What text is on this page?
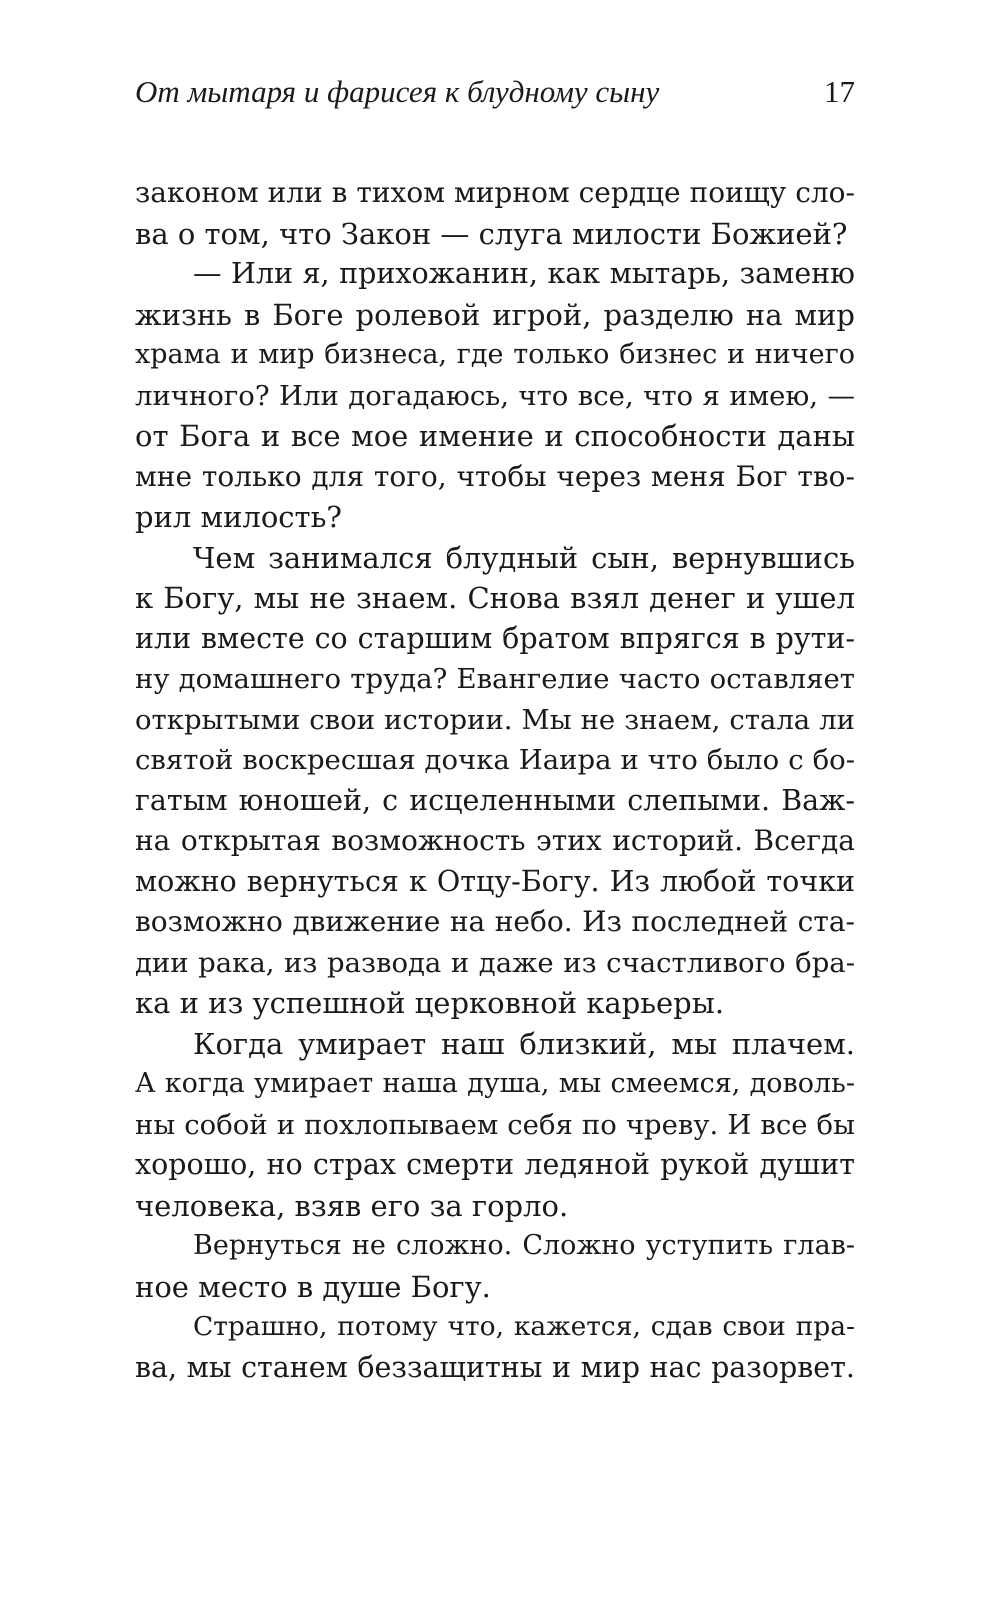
От мытаря и фарисея к блудному сыну	17
законом или в тихом мирном сердце поищу сло-
ва о том, что Закон — слуга милости Божией?
— Или я, прихожанин, как мытарь, заменю
жизнь в Боге ролевой игрой, разделю на мир
храма и мир бизнеса, где только бизнес и ничего
личного? Или догадаюсь, что все, что я имею, —
от Бога и все мое имение и способности даны
мне только для того, чтобы через меня Бог тво-
рил милость?
Чем занимался блудный сын, вернувшись
к Богу, мы не знаем. Снова взял денег и ушел
или вместе со старшим братом впрягся в рути-
ну домашнего труда? Евангелие часто оставляет
открытыми свои истории. Мы не знаем, стала ли
святой воскресшая дочка Иаира и что было с бо-
гатым юношей, с исцеленными слепыми. Важ-
на открытая возможность этих историй. Всегда
можно вернуться к Отцу-Богу. Из любой точки
возможно движение на небо. Из последней ста-
дии рака, из развода и даже из счастливого бра-
ка и из успешной церковной карьеры.
Когда умирает наш близкий, мы плачем.
А когда умирает наша душа, мы смеемся, доволь-
ны собой и похлопываем себя по чреву. И все бы
хорошо, но страх смерти ледяной рукой душит
человека, взяв его за горло.
Вернуться не сложно. Сложно уступить глав-
ное место в душе Богу.
Страшно, потому что, кажется, сдав свои пра-
ва, мы станем беззащитны и мир нас разорвет.
